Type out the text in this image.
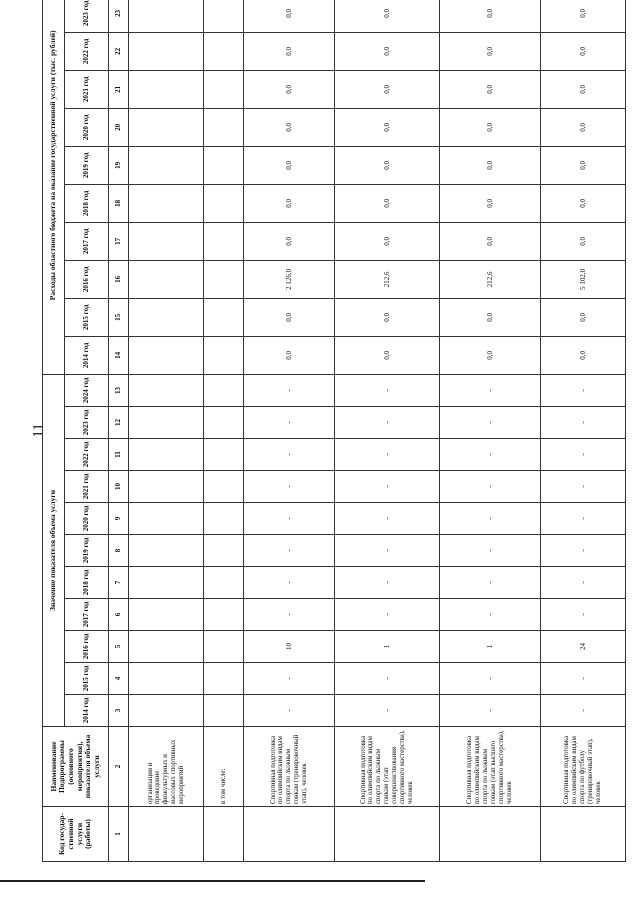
11
Код государ-ственной услуги (работы)	Наименование Подпрограммы (основного мероприятия), показателя объема услуги	Значение показателя объема услуги											Расходы областного бюджета на оказание государственной услуги (тыс. рублей)										
		2014 год	2015 год	2016 год	2017 год	2018 год	2019 год	2020 год	2021 год	2022 год	2023 год	2024 год	2014 год	2015 год	2016 год	2017 год	2018 год	2019 год	2020 год	2021 год	2022 год	2023 год	
1	2	3	4	5	6	7	8	9	10	11	12	13	14	15	16	17	18	19	20	21	22	23	
	организация и проведение физкультурных и массовых спортивных мероприятий																						
	в том числе:																						
	Спортивная подготовка по олимпийским видам спорта по лыжным гонкам (тренировочный этап), человек	-	-	10	-	-	-	-	-	-	-	-	0,0	0,0	2 126,0	0,0	0,0	0,0	0,0	0,0	0,0	0,0	
	Спортивная подготовка по олимпийским видам спорта по лыжным гонкам (этап совершенствования спортивного мастерства), человек	-	-	1	-	-	-	-	-	-	-	-	0,0	0,0	212,6	0,0	0,0	0,0	0,0	0,0	0,0	0,0	
	Спортивная подготовка по олимпийским видам спорта по лыжным гонкам (этап высшего спортивного мастерства), человек	-	-	1	-	-	-	-	-	-	-	-	0,0	0,0	212,6	0,0	0,0	0,0	0,0	0,0	0,0	0,0	
	Спортивная подготовка по олимпийским видам спорта по футболу (тренировочный этап), человек	-	-	24	-	-	-	-	-	-	-	-	0,0	0,0	5 102,0	0,0	0,0	0,0	0,0	0,0	0,0	0,0	
